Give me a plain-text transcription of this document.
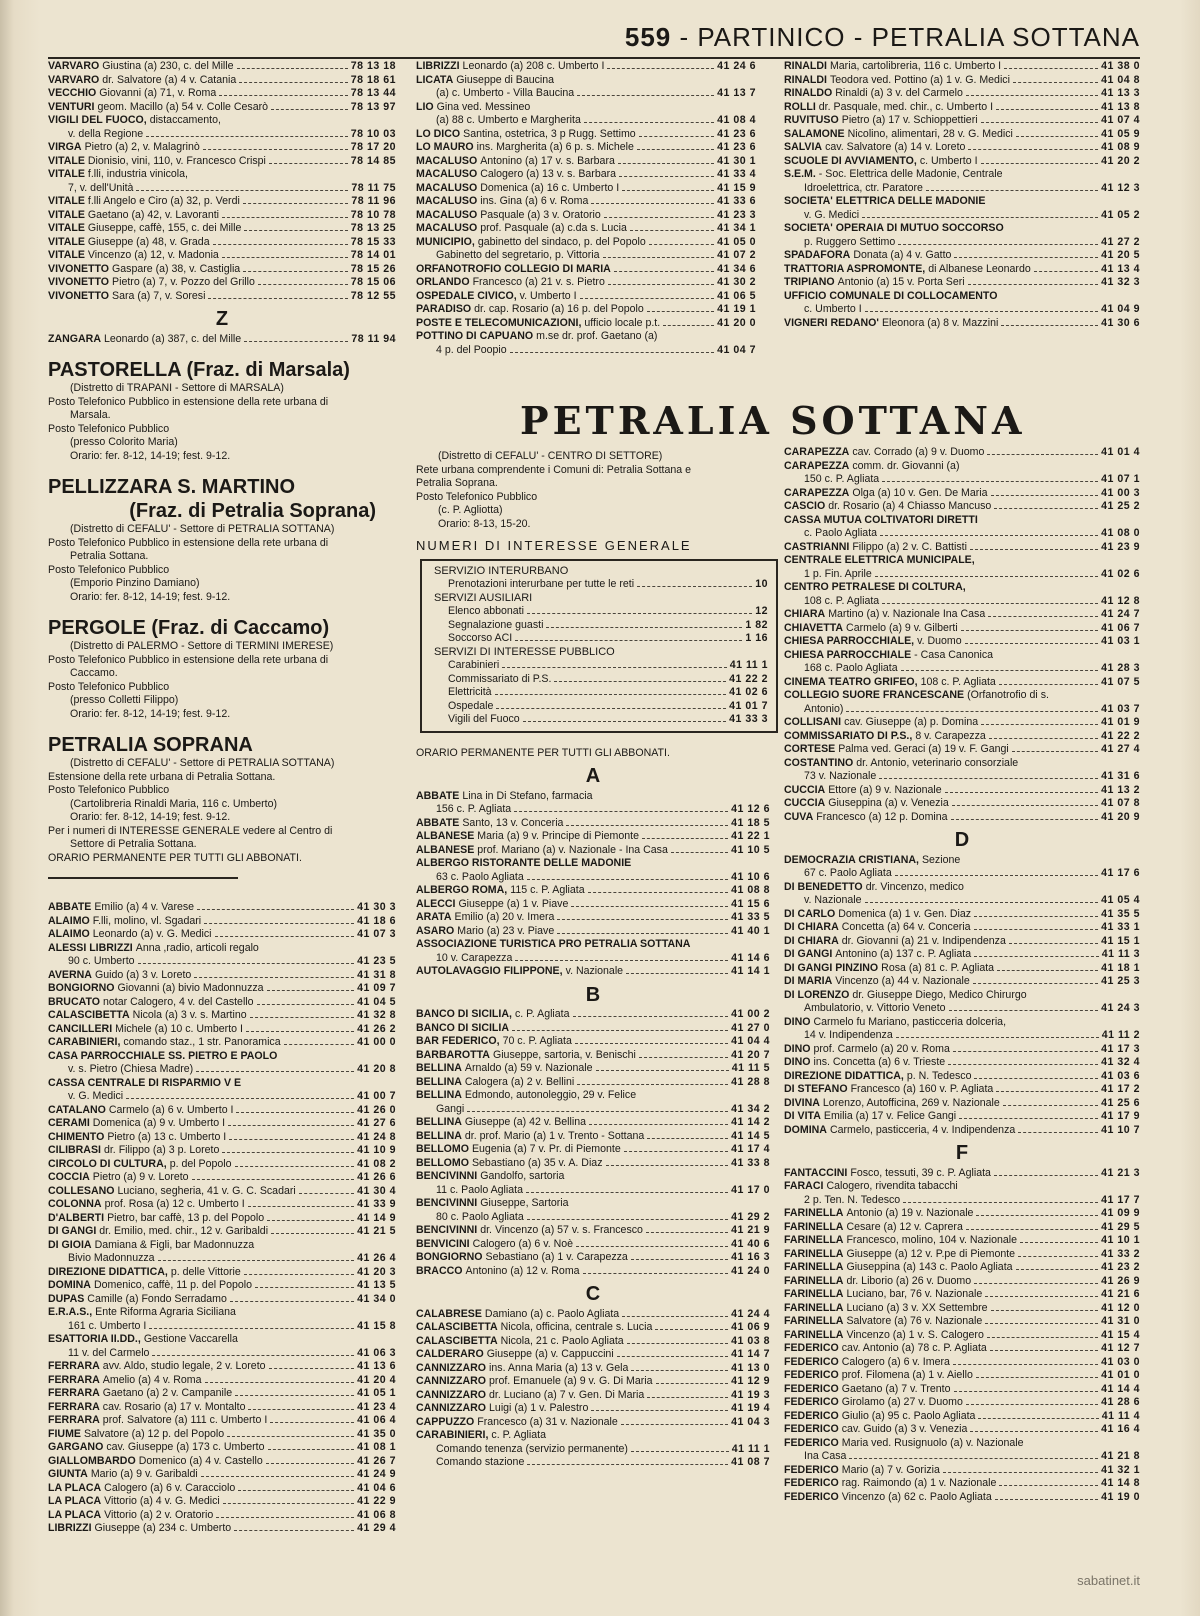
559 - PARTINICO - PETRALIA SOTTANA
VARVARO Giustina (a) 230, c. del Mille	78 13 18
VARVARO dr. Salvatore (a) 4 v. Catania	78 18 61
VECCHIO Giovanni (a) 71, v. Roma	78 13 44
VENTURI geom. Macillo (a) 54 v. Colle Cesarò	78 13 97
VIGILI DEL FUOCO, distaccamento,
v. della Regione	78 10 03
VIRGA Pietro (a) 2, v. Malagrinò	78 17 20
VITALE Dionisio, vini, 110, v. Francesco Crispi	78 14 85
VITALE f.lli, industria vinicola,
7, v. dell'Unità	78 11 75
VITALE f.lli Angelo e Ciro (a) 32, p. Verdi	78 11 96
VITALE Gaetano (a) 42, v. Lavoranti	78 10 78
VITALE Giuseppe, caffè, 155, c. dei Mille	78 13 25
VITALE Giuseppe (a) 48, v. Grada	78 15 33
VITALE Vincenzo (a) 12, v. Madonia	78 14 01
VIVONETTO Gaspare (a) 38, v. Castiglia	78 15 26
VIVONETTO Pietro (a) 7, v. Pozzo del Grillo	78 15 06
VIVONETTO Sara (a) 7, v. Soresi	78 12 55
Z
ZANGARA Leonardo (a) 387, c. del Mille	78 11 94
PASTORELLA (Fraz. di Marsala)
(Distretto di TRAPANI - Settore di MARSALA)
Posto Telefonico Pubblico in estensione della rete urbana di
Marsala.
Posto Telefonico Pubblico
(presso Colorito Maria)
Orario: fer. 8-12, 14-19; fest. 9-12.
PELLIZZARA S. MARTINO
(Fraz. di Petralia Soprana)
(Distretto di CEFALU' - Settore di PETRALIA SOTTANA)
Posto Telefonico Pubblico in estensione della rete urbana di
Petralia Sottana.
Posto Telefonico Pubblico
(Emporio Pinzino Damiano)
Orario: fer. 8-12, 14-19; fest. 9-12.
PERGOLE (Fraz. di Caccamo)
(Distretto di PALERMO - Settore di TERMINI IMERESE)
Posto Telefonico Pubblico in estensione della rete urbana di
Caccamo.
Posto Telefonico Pubblico
(presso Colletti Filippo)
Orario: fer. 8-12, 14-19; fest. 9-12.
PETRALIA SOPRANA
(Distretto di CEFALU' - Settore di PETRALIA SOTTANA)
Estensione della rete urbana di Petralia Sottana.
Posto Telefonico Pubblico
(Cartolibreria Rinaldi Maria, 116 c. Umberto)
Orario: fer. 8-12, 14-19; fest. 9-12.
Per i numeri di INTERESSE GENERALE vedere al Centro di
Settore di Petralia Sottana.
ORARIO PERMANENTE PER TUTTI GLI ABBONATI.
ABBATE Emilio (a) 4 v. Varese	41 30 3
ALAIMO F.lli, molino, vl. Sgadari	41 18 6
ALAIMO Leonardo (a) v. G. Medici	41 07 3
ALESSI LIBRIZZI Anna ,radio, articoli regalo
90 c. Umberto	41 23 5
AVERNA Guido (a) 3 v. Loreto	41 31 8
BONGIORNO Giovanni (a) bivio Madonnuzza	41 09 7
BRUCATO notar Calogero, 4 v. del Castello	41 04 5
CALASCIBETTA Nicola (a) 3 v. s. Martino	41 32 8
CANCILLERI Michele (a) 10 c. Umberto I	41 26 2
CARABINIERI, comando staz., 1 str. Panoramica	41 00 0
CASA PARROCCHIALE SS. PIETRO E PAOLO
v. s. Pietro (Chiesa Madre)	41 20 8
CASSA CENTRALE DI RISPARMIO V E
v. G. Medici	41 00 7
CATALANO Carmelo (a) 6 v. Umberto I	41 26 0
CERAMI Domenica (a) 9 v. Umberto I	41 27 6
CHIMENTO Pietro (a) 13 c. Umberto I	41 24 8
CILIBRASI dr. Filippo (a) 3 p. Loreto	41 10 9
CIRCOLO DI CULTURA, p. del Popolo	41 08 2
COCCIA Pietro (a) 9 v. Loreto	41 26 6
COLLESANO Luciano, segheria, 41 v. G. C. Scadari	41 30 4
COLONNA prof. Rosa (a) 12 c. Umberto I	41 33 9
D'ALBERTI Pietro, bar caffè, 13 p. del Popolo	41 14 9
DI GANGI dr. Emilio, med. chir., 12 v. Garibaldi	41 21 5
DI GIOIA Damiana & Figli, bar Madonnuzza
Bivio Madonnuzza	41 26 4
DIREZIONE DIDATTICA, p. delle Vittorie	41 20 3
DOMINA Domenico, caffè, 11 p. del Popolo	41 13 5
DUPAS Camille (a) Fondo Serradamo	41 34 0
E.R.A.S., Ente Riforma Agraria Siciliana
161 c. Umberto I	41 15 8
ESATTORIA II.DD., Gestione Vaccarella
11 v. del Carmelo	41 06 3
FERRARA avv. Aldo, studio legale, 2 v. Loreto	41 13 6
FERRARA Amelio (a) 4 v. Roma	41 20 4
FERRARA Gaetano (a) 2 v. Campanile	41 05 1
FERRARA cav. Rosario (a) 17 v. Montalto	41 23 4
FERRARA prof. Salvatore (a) 111 c. Umberto I	41 06 4
FIUME Salvatore (a) 12 p. del Popolo	41 35 0
GARGANO cav. Giuseppe (a) 173 c. Umberto	41 08 1
GIALLOMBARDO Domenico (a) 4 v. Castello	41 26 7
GIUNTA Mario (a) 9 v. Garibaldi	41 24 9
LA PLACA Calogero (a) 6 v. Caracciolo	41 04 6
LA PLACA Vittorio (a) 4 v. G. Medici	41 22 9
LA PLACA Vittorio (a) 2 v. Oratorio	41 06 8
LIBRIZZI Giuseppe (a) 234 c. Umberto	41 29 4
LIBRIZZI Leonardo (a) 208 c. Umberto I	41 24 6
LICATA Giuseppe di Baucina
(a) c. Umberto - Villa Baucina	41 13 7
LIO Gina ved. Messineo
(a) 88 c. Umberto e Margherita	41 08 4
LO DICO Santina, ostetrica, 3 p Rugg. Settimo	41 23 6
LO MAURO ins. Margherita (a) 6 p. s. Michele	41 23 6
MACALUSO Antonino (a) 17 v. s. Barbara	41 30 1
MACALUSO Calogero (a) 13 v. s. Barbara	41 33 4
MACALUSO Domenica (a) 16 c. Umberto I	41 15 9
MACALUSO ins. Gina (a) 6 v. Roma	41 33 6
MACALUSO Pasquale (a) 3 v. Oratorio	41 23 3
MACALUSO prof. Pasquale (a) c.da s. Lucia	41 34 1
MUNICIPIO, gabinetto del sindaco, p. del Popolo	41 05 0
Gabinetto del segretario, p. Vittoria	41 07 2
ORFANOTROFIO COLLEGIO DI MARIA	41 34 6
ORLANDO Francesco (a) 21 v. s. Pietro	41 30 2
OSPEDALE CIVICO, v. Umberto I	41 06 5
PARADISO dr. cap. Rosario (a) 16 p. del Popolo	41 19 1
POSTE E TELECOMUNICAZIONI, ufficio locale p.t.	41 20 0
POTTINO DI CAPUANO m.se dr. prof. Gaetano (a)
4 p. del Poopio	41 04 7
RINALDI Maria, cartolibreria, 116 c. Umberto I	41 38 0
RINALDI Teodora ved. Pottino (a) 1 v. G. Medici	41 04 8
RINALDO Rinaldi (a) 3 v. del Carmelo	41 13 3
ROLLI dr. Pasquale, med. chir., c. Umberto I	41 13 8
RUVITUSO Pietro (a) 17 v. Schioppettieri	41 07 4
SALAMONE Nicolino, alimentari, 28 v. G. Medici	41 05 9
SALVIA cav. Salvatore (a) 14 v. Loreto	41 08 9
SCUOLE DI AVVIAMENTO, c. Umberto I	41 20 2
S.E.M. - Soc. Elettrica delle Madonie, Centrale
Idroelettrica, ctr. Paratore	41 12 3
SOCIETA' ELETTRICA DELLE MADONIE
v. G. Medici	41 05 2
SOCIETA' OPERAIA DI MUTUO SOCCORSO
p. Ruggero Settimo	41 27 2
SPADAFORA Donata (a) 4 v. Gatto	41 20 5
TRATTORIA ASPROMONTE, di Albanese Leonardo	41 13 4
TRIPIANO Antonio (a) 15 v. Porta Seri	41 32 3
UFFICIO COMUNALE DI COLLOCAMENTO
c. Umberto I	41 04 9
VIGNERI REDANO' Eleonora (a) 8 v. Mazzini	41 30 6
PETRALIA SOTTANA
(Distretto di CEFALU' - CENTRO DI SETTORE)
Rete urbana comprendente i Comuni di: Petralia Sottana e
Petralia Soprana.
Posto Telefonico Pubblico
(c. P. Agliotta)
Orario: 8-13, 15-20.
NUMERI DI INTERESSE GENERALE
SERVIZIO INTERURBANO
Prenotazioni interurbane per tutte le reti	10
SERVIZI AUSILIARI
Elenco abbonati	12
Segnalazione guasti	1 82
Soccorso ACI	1 16
SERVIZI DI INTERESSE PUBBLICO
Carabinieri	41 11 1
Commissariato di P.S.	41 22 2
Elettricità	41 02 6
Ospedale	41 01 7
Vigili del Fuoco	41 33 3
ORARIO PERMANENTE PER TUTTI GLI ABBONATI.
A
ABBATE Lina in Di Stefano, farmacia
156 c. P. Agliata	41 12 6
ABBATE Santo, 13 v. Conceria	41 18 5
ALBANESE Maria (a) 9 v. Principe di Piemonte	41 22 1
ALBANESE prof. Mariano (a) v. Nazionale - Ina Casa	41 10 5
ALBERGO RISTORANTE DELLE MADONIE
63 c. Paolo Agliata	41 10 6
ALBERGO ROMA, 115 c. P. Agliata	41 08 8
ALECCI Giuseppe (a) 1 v. Piave	41 15 6
ARATA Emilio (a) 20 v. Imera	41 33 5
ASARO Mario (a) 23 v. Piave	41 40 1
ASSOCIAZIONE TURISTICA PRO PETRALIA SOTTANA
10 v. Carapezza	41 14 6
AUTOLAVAGGIO FILIPPONE, v. Nazionale	41 14 1
B
BANCO DI SICILIA, c. P. Agliata	41 00 2
BANCO DI SICILIA	41 27 0
BAR FEDERICO, 70 c. P. Agliata	41 04 4
BARBAROTTA Giuseppe, sartoria, v. Benischi	41 20 7
BELLINA Arnaldo (a) 59 v. Nazionale	41 11 5
BELLINA Calogera (a) 2 v. Bellini	41 28 8
BELLINA Edmondo, autonoleggio, 29 v. Felice
Gangi	41 34 2
BELLINA Giuseppe (a) 42 v. Bellina	41 14 2
BELLINA dr. prof. Mario (a) 1 v. Trento - Sottana	41 14 5
BELLOMO Eugenia (a) 7 v. Pr. di Piemonte	41 17 4
BELLOMO Sebastiano (a) 35 v. A. Diaz	41 33 8
BENCIVINNI Gandolfo, sartoria
11 c. Paolo Agliata	41 17 0
BENCIVINNI Giuseppe, Sartoria
80 c. Paolo Agliata	41 29 2
BENCIVINNI dr. Vincenzo (a) 57 v. s. Francesco	41 21 9
BENVICINI Calogero (a) 6 v. Noè	41 40 6
BONGIORNO Sebastiano (a) 1 v. Carapezza	41 16 3
BRACCO Antonino (a) 12 v. Roma	41 24 0
C
CALABRESE Damiano (a) c. Paolo Agliata	41 24 4
CALASCIBETTA Nicola, officina, centrale s. Lucia	41 06 9
CALASCIBETTA Nicola, 21 c. Paolo Agliata	41 03 8
CALDERARO Giuseppe (a) v. Cappuccini	41 14 7
CANNIZZARO ins. Anna Maria (a) 13 v. Gela	41 13 0
CANNIZZARO prof. Emanuele (a) 9 v. G. Di Maria	41 12 9
CANNIZZARO dr. Luciano (a) 7 v. Gen. Di Maria	41 19 3
CANNIZZARO Luigi (a) 1 v. Palestro	41 19 4
CAPPUZZO Francesco (a) 31 v. Nazionale	41 04 3
CARABINIERI, c. P. Agliata
Comando tenenza (servizio permanente)	41 11 1
Comando stazione	41 08 7
CARAPEZZA cav. Corrado (a) 9 v. Duomo	41 01 4
CARAPEZZA comm. dr. Giovanni (a)
150 c. P. Agliata	41 07 1
CARAPEZZA Olga (a) 10 v. Gen. De Maria	41 00 3
CASCIO dr. Rosario (a) 4 Chiasso Mancuso	41 25 2
CASSA MUTUA COLTIVATORI DIRETTI
c. Paolo Agliata	41 08 0
CASTRIANNI Filippo (a) 2 v. C. Battisti	41 23 9
CENTRALE ELETTRICA MUNICIPALE,
1 p. Fin. Aprile	41 02 6
CENTRO PETRALESE DI COLTURA,
108 c. P. Agliata	41 12 8
CHIARA Martino (a) v. Nazionale Ina Casa	41 24 7
CHIAVETTA Carmelo (a) 9 v. Gilberti	41 06 7
CHIESA PARROCCHIALE, v. Duomo	41 03 1
CHIESA PARROCCHIALE - Casa Canonica
168 c. Paolo Agliata	41 28 3
CINEMA TEATRO GRIFEO, 108 c. P. Agliata	41 07 5
COLLEGIO SUORE FRANCESCANE (Orfanotrofio di s.
Antonio)	41 03 7
COLLISANI cav. Giuseppe (a) p. Domina	41 01 9
COMMISSARIATO DI P.S., 8 v. Carapezza	41 22 2
CORTESE Palma ved. Geraci (a) 19 v. F. Gangi	41 27 4
COSTANTINO dr. Antonio, veterinario consorziale
73 v. Nazionale	41 31 6
CUCCIA Ettore (a) 9 v. Nazionale	41 13 2
CUCCIA Giuseppina (a) v. Venezia	41 07 8
CUVA Francesco (a) 12 p. Domina	41 20 9
D
DEMOCRAZIA CRISTIANA, Sezione
67 c. Paolo Agliata	41 17 6
DI BENEDETTO dr. Vincenzo, medico
v. Nazionale	41 05 4
DI CARLO Domenica (a) 1 v. Gen. Diaz	41 35 5
DI CHIARA Concetta (a) 64 v. Conceria	41 33 1
DI CHIARA dr. Giovanni (a) 21 v. Indipendenza	41 15 1
DI GANGI Antonino (a) 137 c. P. Agliata	41 11 3
DI GANGI PINZINO Rosa (a) 81 c. P. Agliata	41 18 1
DI MARIA Vincenzo (a) 44 v. Nazionale	41 25 3
DI LORENZO dr. Giuseppe Diego, Medico Chirurgo
Ambulatorio, v. Vittorio Veneto	41 24 3
DINO Carmelo fu Mariano, pasticceria dolceria,
14 v. Indipendenza	41 11 2
DINO prof. Carmelo (a) 20 v. Roma	41 17 3
DINO ins. Concetta (a) 6 v. Trieste	41 32 4
DIREZIONE DIDATTICA, p. N. Tedesco	41 03 6
DI STEFANO Francesco (a) 160 v. P. Agliata	41 17 2
DIVINA Lorenzo, Autofficina, 269 v. Nazionale	41 25 6
DI VITA Emilia (a) 17 v. Felice Gangi	41 17 9
DOMINA Carmelo, pasticceria, 4 v. Indipendenza	41 10 7
F
FANTACCINI Fosco, tessuti, 39 c. P. Agliata	41 21 3
FARACI Calogero, rivendita tabacchi
2 p. Ten. N. Tedesco	41 17 7
FARINELLA Antonio (a) 19 v. Nazionale	41 09 9
FARINELLA Cesare (a) 12 v. Caprera	41 29 5
FARINELLA Francesco, molino, 104 v. Nazionale	41 10 1
FARINELLA Giuseppe (a) 12 v. P.pe di Piemonte	41 33 2
FARINELLA Giuseppina (a) 143 c. Paolo Agliata	41 23 2
FARINELLA dr. Liborio (a) 26 v. Duomo	41 26 9
FARINELLA Luciano, bar, 76 v. Nazionale	41 21 6
FARINELLA Luciano (a) 3 v. XX Settembre	41 12 0
FARINELLA Salvatore (a) 76 v. Nazionale	41 31 0
FARINELLA Vincenzo (a) 1 v. S. Calogero	41 15 4
FEDERICO cav. Antonio (a) 78 c. P. Agliata	41 12 7
FEDERICO Calogero (a) 6 v. Imera	41 03 0
FEDERICO prof. Filomena (a) 1 v. Aiello	41 01 0
FEDERICO Gaetano (a) 7 v. Trento	41 14 4
FEDERICO Girolamo (a) 27 v. Duomo	41 28 6
FEDERICO Giulio (a) 95 c. Paolo Agliata	41 11 4
FEDERICO cav. Guido (a) 3 v. Venezia	41 16 4
FEDERICO Maria ved. Rusignuolo (a) v. Nazionale
Ina Casa	41 21 8
FEDERICO Mario (a) 7 v. Gorizia	41 32 1
FEDERICO rag. Raimondo (a) 1 v. Nazionale	41 14 8
FEDERICO Vincenzo (a) 62 c. Paolo Agliata	41 19 0
sabatinet.it
